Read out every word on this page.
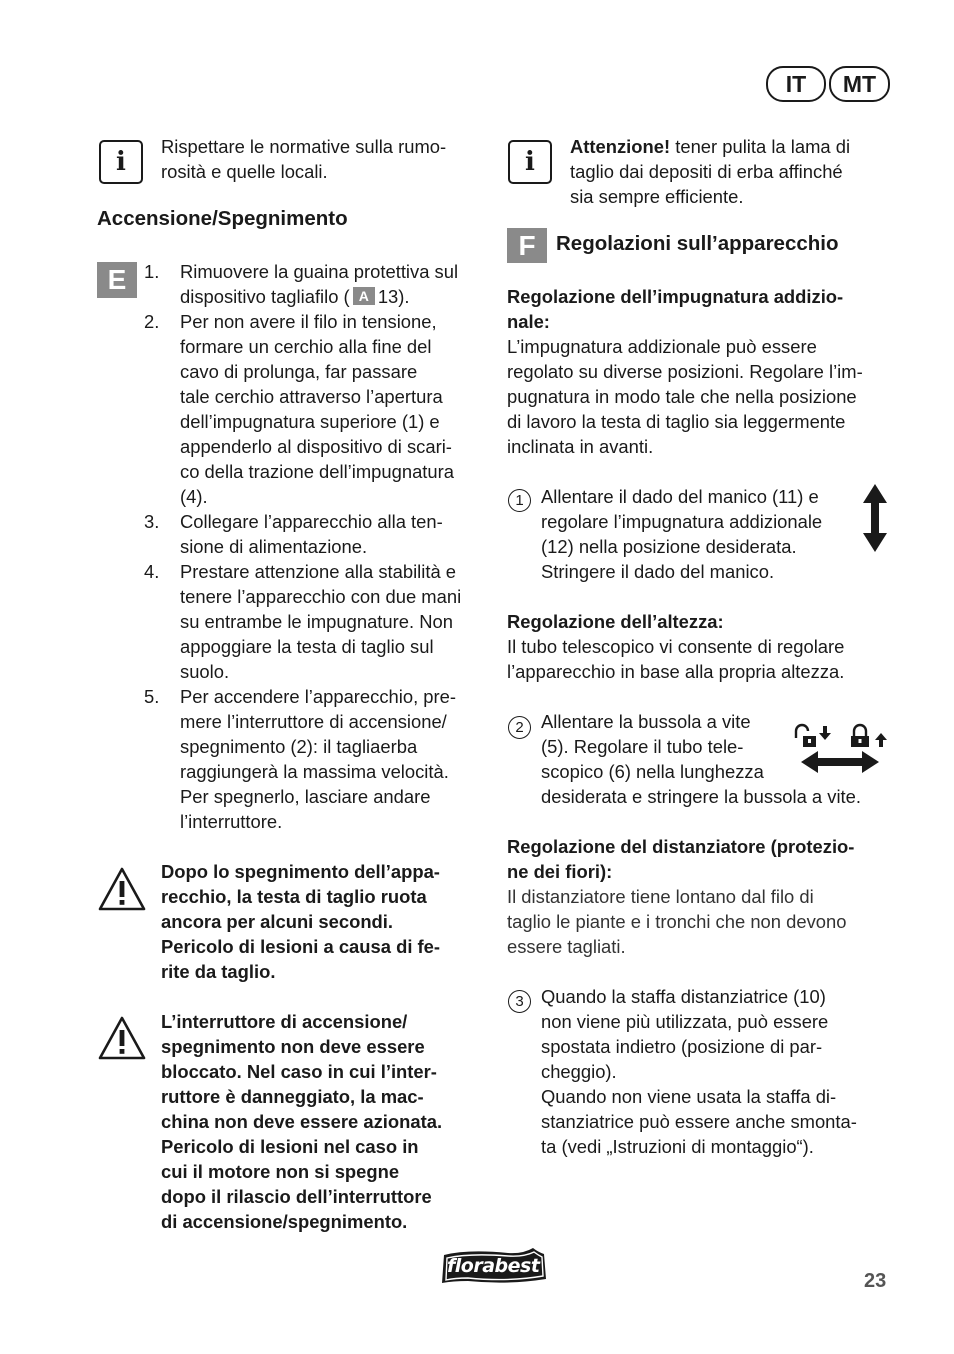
IT	MT
i
Rispettare le normative sulla rumo-
rosità e quelle locali.
Accensione/Spegnimento
E 1.	Rimuovere la guaina protettiva sul
dispositivo tagliafilo ( A 13).
2.	Per non avere il filo in tensione,
formare un cerchio alla fine del
cavo di prolunga, far passare
tale cerchio attraverso l’apertura
dell’impugnatura superiore (1) e
appenderlo al dispositivo di scari-
co della trazione dell’impugnatura
(4).
3.	Collegare l’apparecchio alla ten-
sione di alimentazione.
4.	Prestare attenzione alla stabilità e
tenere l’apparecchio con due mani
su entrambe le impugnature. Non
appoggiare la testa di taglio sul
suolo.
5.	Per accendere l’apparecchio, pre-
mere l’interruttore di accensione/
spegnimento (2): il tagliaerba
raggiungerà la massima velocità.
Per spegnerlo, lasciare andare
l’interruttore.
Dopo lo spegnimento dell’appa-
recchio, la testa di taglio ruota
ancora per alcuni secondi.
Pericolo di lesioni a causa di fe-
rite da taglio.
L’interruttore di accensione/
spegnimento non deve essere
bloccato. Nel caso in cui l’inter-
ruttore è danneggiato, la mac-
china non deve essere azionata.
Pericolo di lesioni nel caso in
cui il motore non si spegne
dopo il rilascio dell’interruttore
di accensione/spegnimento.
i
Attenzione! tener pulita la lama di
taglio dai depositi di erba affinché
sia sempre efficiente.
F Regolazioni sull’apparecchio
Regolazione dell’impugnatura addizio-
nale:
L’impugnatura addizionale può essere
regolato su diverse posizioni. Regolare l’im-
pugnatura in modo tale che nella posizione
di lavoro la testa di taglio sia leggermente
inclinata in avanti.
1 Allentare il dado del manico (11) e
regolare l’impugnatura addizionale
(12) nella posizione desiderata.
Stringere il dado del manico.
Regolazione dell’altezza:
Il tubo telescopico vi consente di regolare
l’apparecchio in base alla propria altezza.
2 Allentare la bussola a vite
(5). Regolare il tubo tele-
scopico (6) nella lunghezza
desiderata e stringere la bussola a vite.
Regolazione del distanziatore (protezio-
ne dei fiori):
Il distanziatore tiene lontano dal filo di
taglio le piante e i tronchi che non devono
essere tagliati.
3 Quando la staffa distanziatrice (10)
non viene più utilizzata, può essere
spostata indietro (posizione di par-
cheggio).
Quando non viene usata la staffa di-
stanziatrice può essere anche smonta-
ta (vedi „Istruzioni di montaggio“).
florabest
23
